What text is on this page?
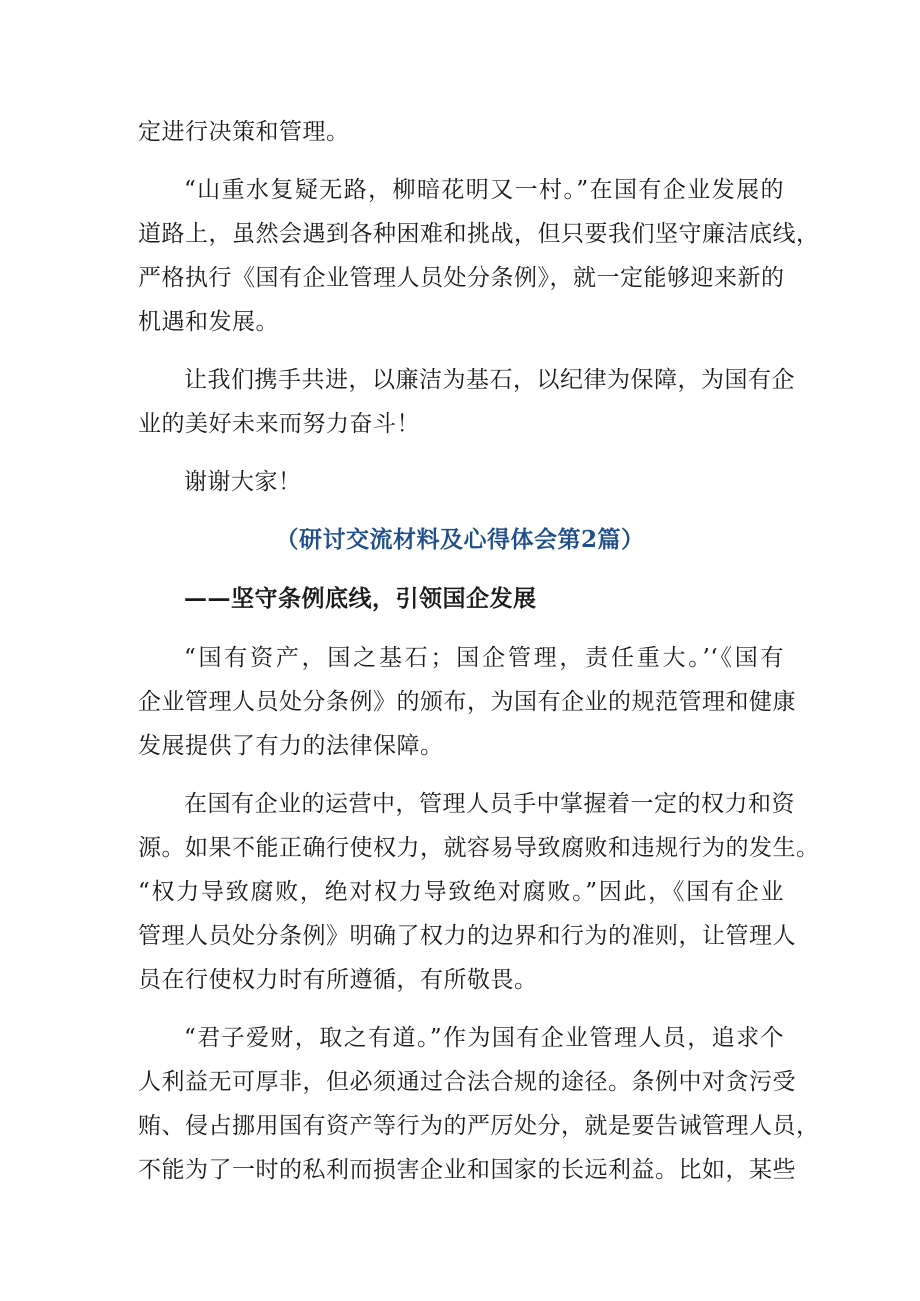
定进行决策和管理。
“山重水复疑无路，柳暗花明又一村。”在国有企业发展的
道路上，虽然会遇到各种困难和挑战，但只要我们坚守廉洁底线，
严格执行《国有企业管理人员处分条例》，就一定能够迎来新的
机遇和发展。
让我们携手共进，以廉洁为基石，以纪律为保障，为国有企
业的美好未来而努力奋斗！
谢谢大家！
（研讨交流材料及心得体会第2篇）
——坚守条例底线，引领国企发展
“国有资产，国之基石；国企管理，责任重大。’‘《国有
企业管理人员处分条例》的颁布，为国有企业的规范管理和健康
发展提供了有力的法律保障。
在国有企业的运营中，管理人员手中掌握着一定的权力和资
源。如果不能正确行使权力，就容易导致腐败和违规行为的发生。
“权力导致腐败，绝对权力导致绝对腐败。”因此，《国有企业
管理人员处分条例》明确了权力的边界和行为的准则，让管理人
员在行使权力时有所遵循，有所敬畏。
“君子爱财，取之有道。”作为国有企业管理人员，追求个
人利益无可厚非，但必须通过合法合规的途径。条例中对贪污受
贿、侵占挪用国有资产等行为的严厉处分，就是要告诫管理人员，
不能为了一时的私利而损害企业和国家的长远利益。比如，某些
